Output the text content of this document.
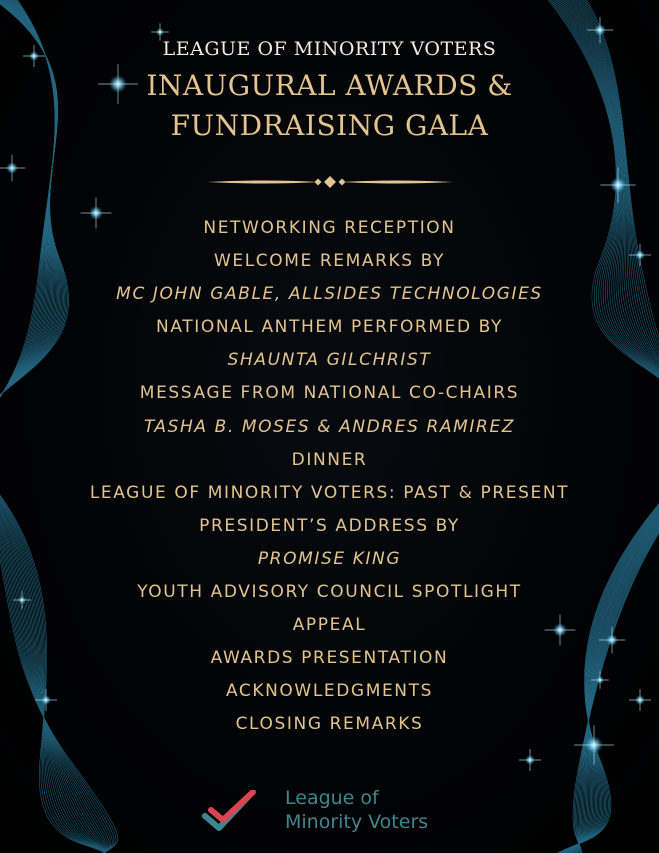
LEAGUE OF MINORITY VOTERS
INAUGURAL AWARDS &
FUNDRAISING GALA
NETWORKING RECEPTION
WELCOME REMARKS BY
MC JOHN GABLE, ALLSIDES TECHNOLOGIES
NATIONAL ANTHEM PERFORMED BY
SHAUNTA GILCHRIST
MESSAGE FROM NATIONAL CO-CHAIRS
TASHA B. MOSES & ANDRES RAMIREZ
DINNER
LEAGUE OF MINORITY VOTERS: PAST & PRESENT
PRESIDENT’S ADDRESS BY
PROMISE KING
YOUTH ADVISORY COUNCIL SPOTLIGHT
APPEAL
AWARDS PRESENTATION
ACKNOWLEDGMENTS
CLOSING REMARKS
League of
Minority Voters
